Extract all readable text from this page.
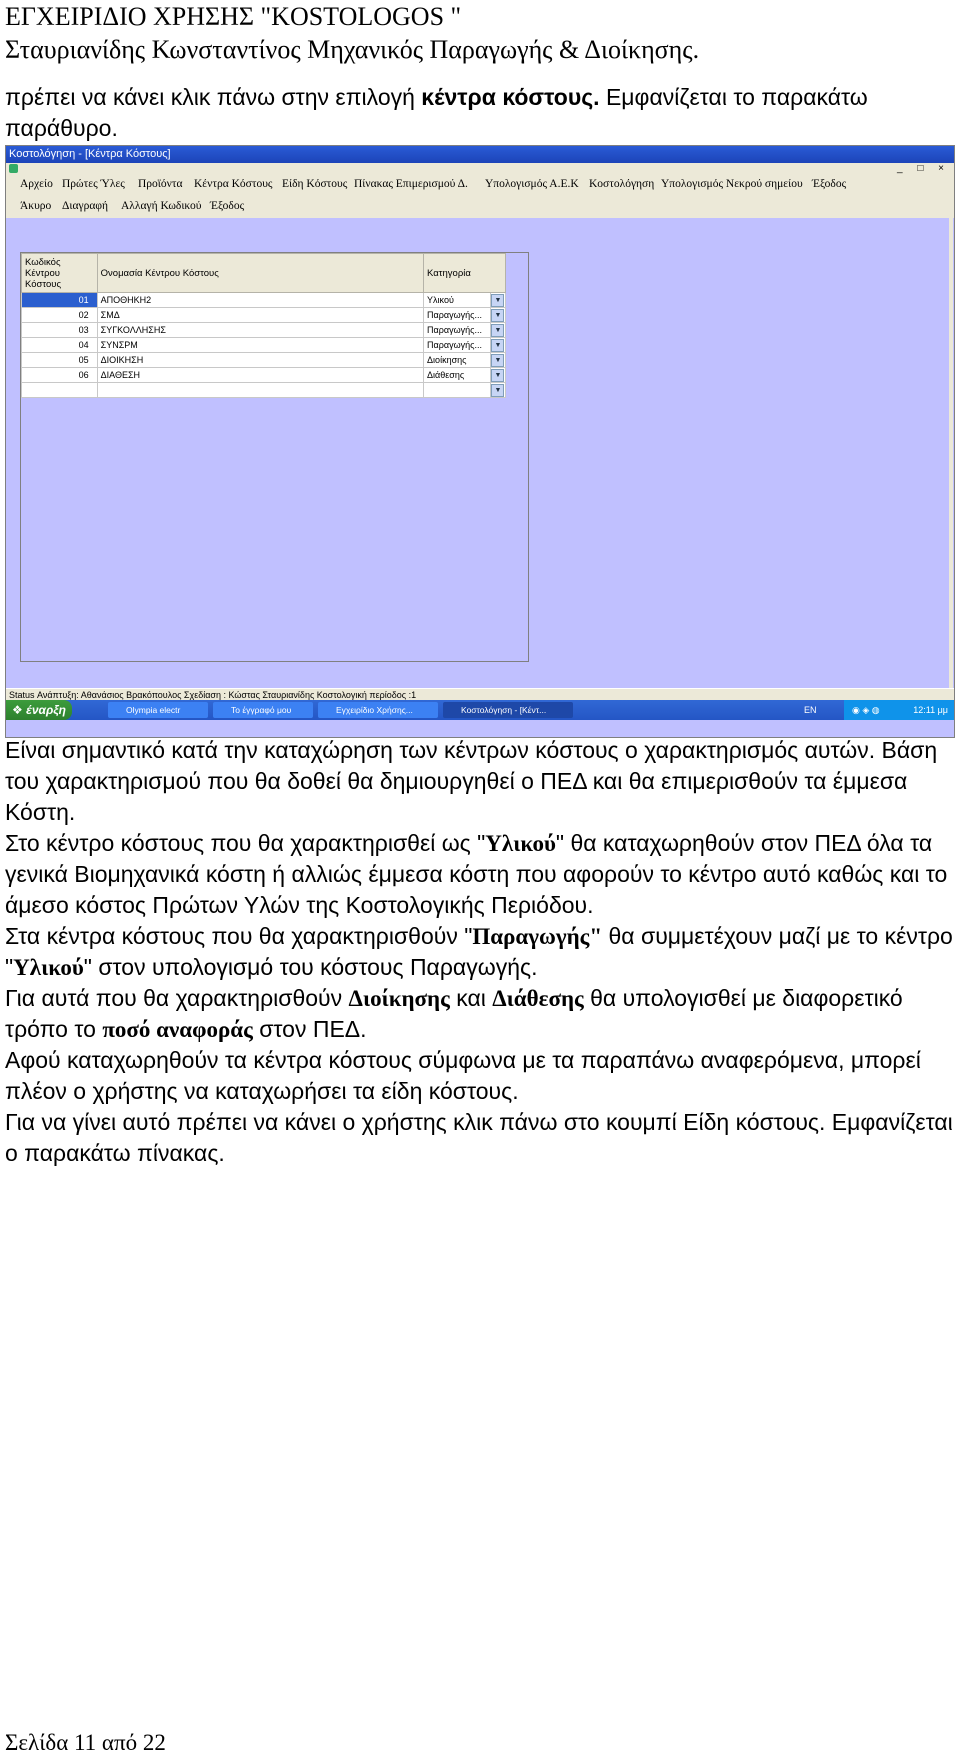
ΕΓΧΕΙΡΙΔΙΟ ΧΡΗΣΗΣ "KOSTOLOGOS "
Σταυριανίδης Κωνσταντίνος Μηχανικός Παραγωγής & Διοίκησης.
πρέπει να κάνει κλικ πάνω στην επιλογή κέντρα κόστους. Εμφανίζεται το παρακάτω παράθυρο.
Κοστολόγηση - [Κέντρα Κόστους]
_ □ ×
Αρχείο Πρώτες Ύλες Προϊόντα Κέντρα Κόστους Είδη Κόστους Πίνακας Επιμερισμού Δ. Υπολογισμός Α.Ε.Κ Κοστολόγηση Υπολογισμός Νεκρού σημείου Έξοδος
Άκυρο Διαγραφή Αλλαγή Κωδικού Έξοδος
Κωδικός Κέντρου Κόστους	Ονομασία Κέντρου Κόστους	Κατηγορία	
01	ΑΠΟΘΗΚΗ2	Υλικού	▼

02	ΣΜΔ	Παραγωγής...	▼

03	ΣΥΓΚΟΛΛΗΣΗΣ	Παραγωγής...	▼

04	ΣΥΝΣΡΜ	Παραγωγής...	▼

05	ΔΙΟΙΚΗΣΗ	Διοίκησης	▼

06	ΔΙΑΘΕΣΗ	Διάθεσης	▼

			▼
Status Ανάπτυξη: Αθανάσιος Βρακόπουλος Σχεδίαση : Κώστας Σταυριανίδης Κοστολογική περίοδος :1
❖ έναρξη	Olympia electr	Το έγγραφό μου	Εγχειρίδιο Χρήσης...	Κοστολόγηση - [Κέντ...	EN	◉ ◈ ◍	12:11 μμ

Είναι σημαντικό κατά την καταχώρηση των κέντρων κόστους ο χαρακτηρισμός αυτών. Βάση του χαρακτηρισμού που θα δοθεί θα δημιουργηθεί ο ΠΕΔ και θα επιμερισθούν τα έμμεσα Κόστη.

Στο κέντρο κόστους που θα χαρακτηρισθεί ως "Υλικού" θα καταχωρηθούν στον ΠΕΔ όλα τα γενικά Βιομηχανικά κόστη ή αλλιώς έμμεσα κόστη που αφορούν το κέντρο αυτό καθώς και το άμεσο κόστος Πρώτων Υλών της Κοστολογικής Περιόδου.

Στα κέντρα κόστους που θα χαρακτηρισθούν "Παραγωγής" θα συμμετέχουν μαζί με το κέντρο "Υλικού" στον υπολογισμό του κόστους Παραγωγής.

Για αυτά που θα χαρακτηρισθούν Διοίκησης και Διάθεσης θα υπολογισθεί με διαφορετικό τρόπο το ποσό αναφοράς στον ΠΕΔ.

Αφού καταχωρηθούν τα κέντρα κόστους σύμφωνα με τα παραπάνω αναφερόμενα, μπορεί πλέον ο χρήστης να καταχωρήσει τα είδη κόστους.

Για να γίνει αυτό πρέπει να κάνει ο χρήστης κλικ πάνω στο κουμπί Είδη κόστους. Εμφανίζεται ο παρακάτω πίνακας.

Σελίδα 11 από 22
